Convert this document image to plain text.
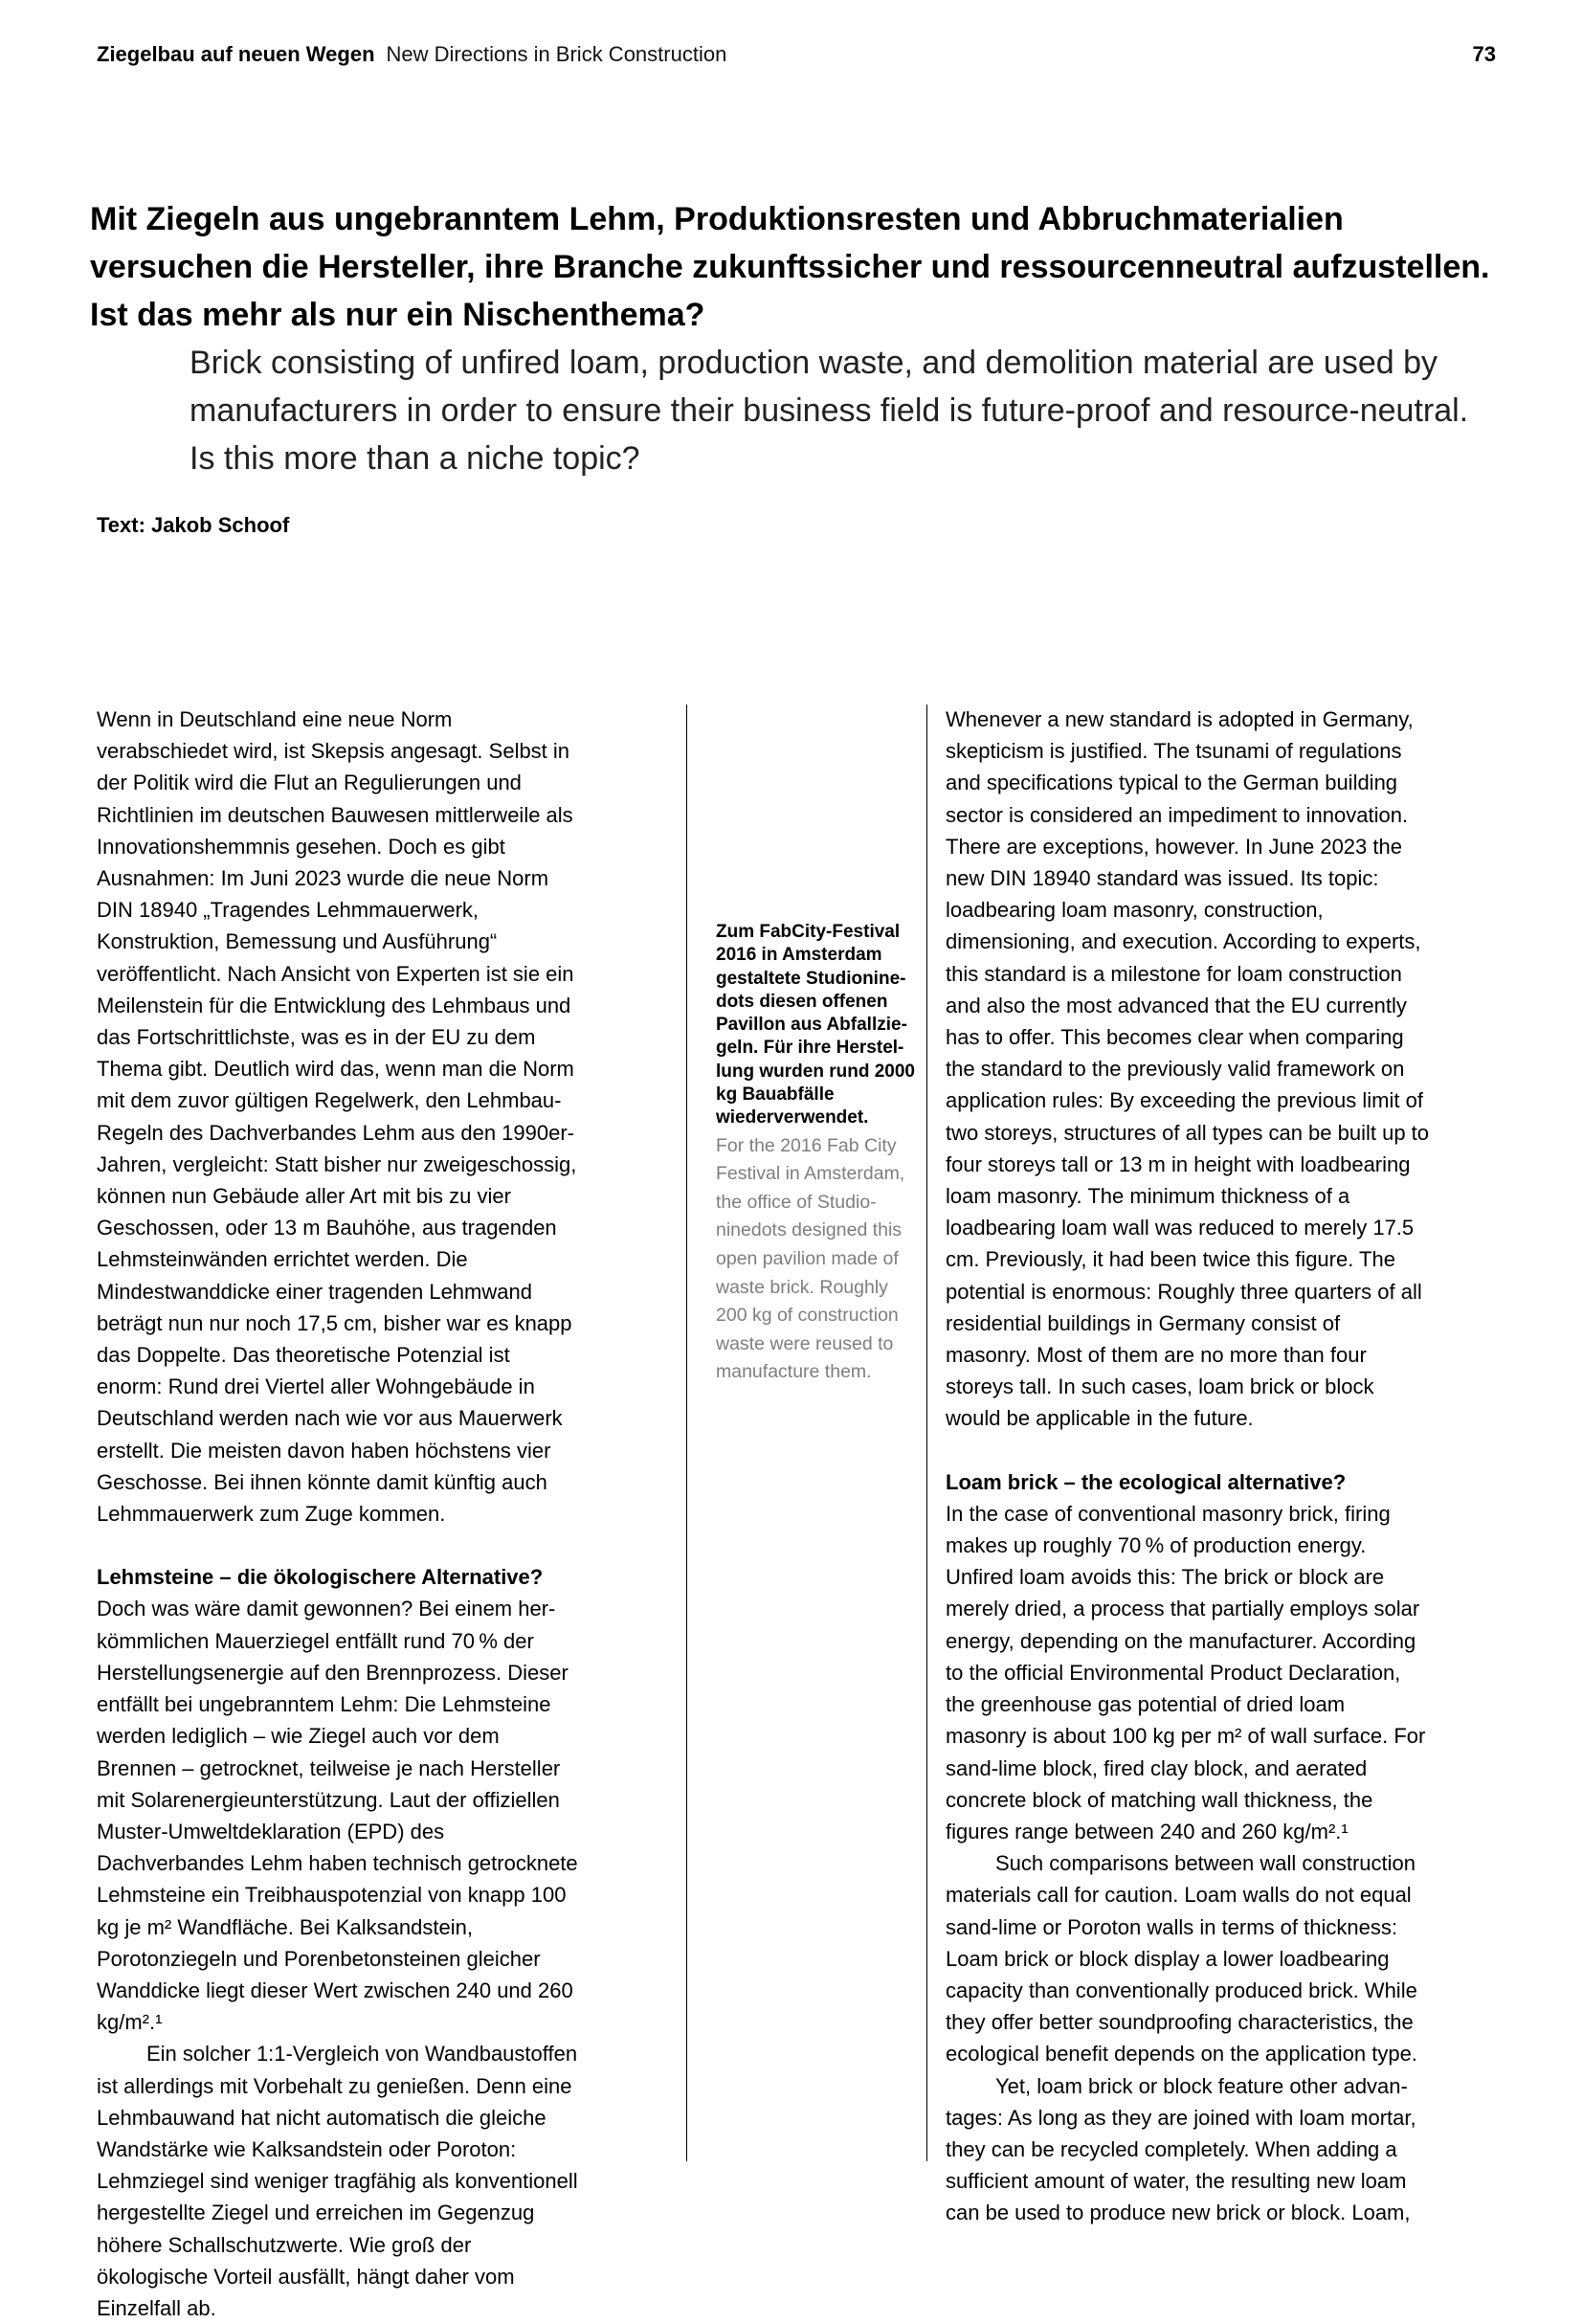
Ziegelbau auf neuen Wegen New Directions in Brick Construction	73
Mit Ziegeln aus ungebranntem Lehm, Produktionsresten und Abbruchmaterialien versuchen die Hersteller, ihre Branche zukunftssicher und ressourcenneutral aufzustellen. Ist das mehr als nur ein Nischenthema?
Brick consisting of unfired loam, production waste, and demolition material are used by manufacturers in order to ensure their business field is future-proof and resource-neutral. Is this more than a niche topic?
Text: Jakob Schoof

Wenn in Deutschland eine neue Norm verabschiedet wird, ist Skepsis angesagt. Selbst in der Politik wird die Flut an Regulierungen und Richtlinien im deutschen Bauwesen mittlerweile als Innovationshemmnis gesehen. Doch es gibt Ausnahmen: Im Juni 2023 wurde die neue Norm DIN 18940 „Tragendes Lehmmauerwerk, Konstruktion, Bemessung und Ausführung“ veröffentlicht. Nach Ansicht von Experten ist sie ein Meilenstein für die Entwicklung des Lehmbaus und das Fortschrittlichste, was es in der EU zu dem Thema gibt. Deutlich wird das, wenn man die Norm mit dem zuvor gültigen Regelwerk, den Lehmbau-Regeln des Dachverbandes Lehm aus den 1990er-Jahren, vergleicht: Statt bisher nur zweigeschossig, können nun Gebäude aller Art mit bis zu vier Geschossen, oder 13 m Bauhöhe, aus tragenden Lehmsteinwänden errichtet werden. Die Mindestwanddicke einer tragenden Lehmwand beträgt nun nur noch 17,5 cm, bisher war es knapp das Doppelte. Das theoretische Potenzial ist enorm: Rund drei Viertel aller Wohngebäude in Deutschland werden nach wie vor aus Mauerwerk erstellt. Die meisten davon haben höchstens vier Geschosse. Bei ihnen könnte damit künftig auch Lehmmauerwerk zum Zuge kommen.

Lehmsteine – die ökologischere Alternative?

Doch was wäre damit gewonnen? Bei einem herkömmlichen Mauerziegel entfällt rund 70 % der Herstellungsenergie auf den Brennprozess. Dieser entfällt bei ungebranntem Lehm: Die Lehmsteine werden lediglich – wie Ziegel auch vor dem Brennen – getrocknet, teilweise je nach Hersteller mit Solarenergieunterstützung. Laut der offiziellen Muster-Umweltdeklaration (EPD) des Dachverbandes Lehm haben technisch getrocknete Lehmsteine ein Treibhauspotenzial von knapp 100 kg je m² Wandfläche. Bei Kalksandstein, Porotonziegeln und Porenbetonsteinen gleicher Wanddicke liegt dieser Wert zwischen 240 und 260 kg/m².¹

Ein solcher 1:1-Vergleich von Wandbaustoffen ist allerdings mit Vorbehalt zu genießen. Denn eine Lehmbauwand hat nicht automatisch die gleiche Wandstärke wie Kalksandstein oder Poroton: Lehmziegel sind weniger tragfähig als konventionell hergestellte Ziegel und erreichen im Gegenzug höhere Schallschutzwerte. Wie groß der ökologische Vorteil ausfällt, hängt daher vom Einzelfall ab.

Zum FabCity-Festival 2016 in Amsterdam gestaltete Studioninedots diesen offenen Pavillon aus Abfallziegeln. Für ihre Herstellung wurden rund 2000 kg Bauabfälle wiederverwendet.

For the 2016 Fab City Festival in Amsterdam, the office of Studioninedots designed this open pavilion made of waste brick. Roughly 200 kg of construction waste were reused to manufacture them.

Whenever a new standard is adopted in Germany, skepticism is justified. The tsunami of regulations and specifications typical to the German building sector is considered an impediment to innovation. There are exceptions, however. In June 2023 the new DIN 18940 standard was issued. Its topic: loadbearing loam masonry, construction, dimensioning, and execution. According to experts, this standard is a milestone for loam construction and also the most advanced that the EU currently has to offer. This becomes clear when comparing the standard to the previously valid framework on application rules: By exceeding the previous limit of two storeys, structures of all types can be built up to four storeys tall or 13 m in height with loadbearing loam masonry. The minimum thickness of a loadbearing loam wall was reduced to merely 17.5 cm. Previously, it had been twice this figure. The potential is enormous: Roughly three quarters of all residential buildings in Germany consist of masonry. Most of them are no more than four storeys tall. In such cases, loam brick or block would be applicable in the future.

Loam brick – the ecological alternative?

In the case of conventional masonry brick, firing makes up roughly 70 % of production energy. Unfired loam avoids this: The brick or block are merely dried, a process that partially employs solar energy, depending on the manufacturer. According to the official Environmental Product Declaration, the greenhouse gas potential of dried loam masonry is about 100 kg per m² of wall surface. For sand-lime block, fired clay block, and aerated concrete block of matching wall thickness, the figures range between 240 and 260 kg/m².¹

Such comparisons between wall construction materials call for caution. Loam walls do not equal sand-lime or Poroton walls in terms of thickness: Loam brick or block display a lower loadbearing capacity than conventionally produced brick. While they offer better soundproofing characteristics, the ecological benefit depends on the application type.

Yet, loam brick or block feature other advantages: As long as they are joined with loam mortar, they can be recycled completely. When adding a sufficient amount of water, the resulting new loam can be used to produce new brick or block. Loam,
